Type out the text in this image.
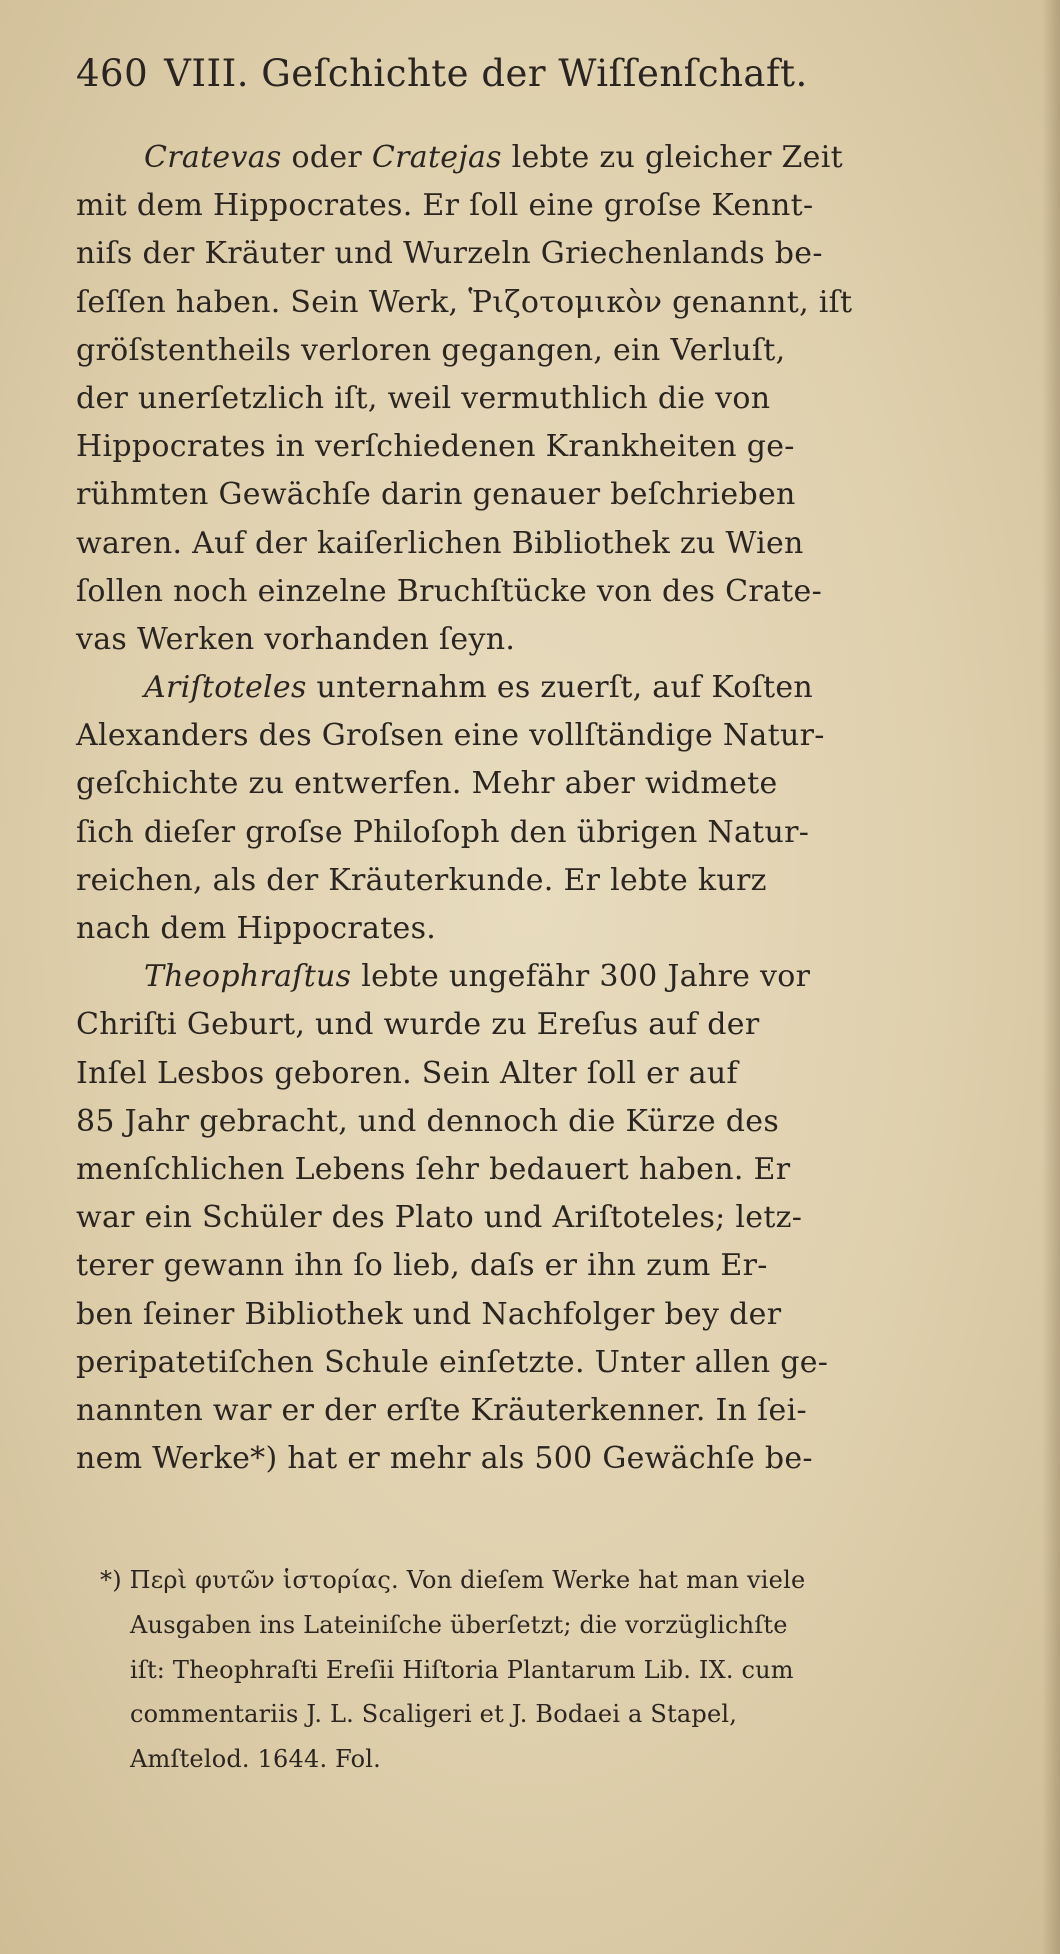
460 VIII. Geſchichte der Wiſſenſchaft.
Cratevas oder Cratejas lebte zu gleicher Zeit
mit dem Hippocrates. Er ſoll eine groſse Kennt-
niſs der Kräuter und Wurzeln Griechenlands be-
ſeſſen haben. Sein Werk, Ῥιζοτομικὸν genannt, iſt
gröſstentheils verloren gegangen, ein Verluſt,
der unerſetzlich iſt, weil vermuthlich die von
Hippocrates in verſchiedenen Krankheiten ge-
rühmten Gewächſe darin genauer beſchrieben
waren. Auf der kaiſerlichen Bibliothek zu Wien
ſollen noch einzelne Bruchſtücke von des Crate-
vas Werken vorhanden ſeyn.
Ariſtoteles unternahm es zuerſt, auf Koſten
Alexanders des Groſsen eine vollſtändige Natur-
geſchichte zu entwerfen. Mehr aber widmete
ſich dieſer groſse Philoſoph den übrigen Natur-
reichen, als der Kräuterkunde. Er lebte kurz
nach dem Hippocrates.
Theophraſtus lebte ungefähr 300 Jahre vor
Chriſti Geburt, und wurde zu Ereſus auf der
Inſel Lesbos geboren. Sein Alter ſoll er auf
85 Jahr gebracht, und dennoch die Kürze des
menſchlichen Lebens ſehr bedauert haben. Er
war ein Schüler des Plato und Ariſtoteles; letz-
terer gewann ihn ſo lieb, daſs er ihn zum Er-
ben ſeiner Bibliothek und Nachfolger bey der
peripatetiſchen Schule einſetzte. Unter allen ge-
nannten war er der erſte Kräuterkenner. In ſei-
nem Werke*) hat er mehr als 500 Gewächſe be-
*) Περὶ φυτῶν ἱστορίας. Von dieſem Werke hat man viele
Ausgaben ins Lateiniſche überſetzt; die vorzüglichſte
iſt: Theophraſti Ereſii Hiſtoria Plantarum Lib. IX. cum
commentariis J. L. Scaligeri et J. Bodaei a Stapel,
Amſtelod. 1644. Fol.
